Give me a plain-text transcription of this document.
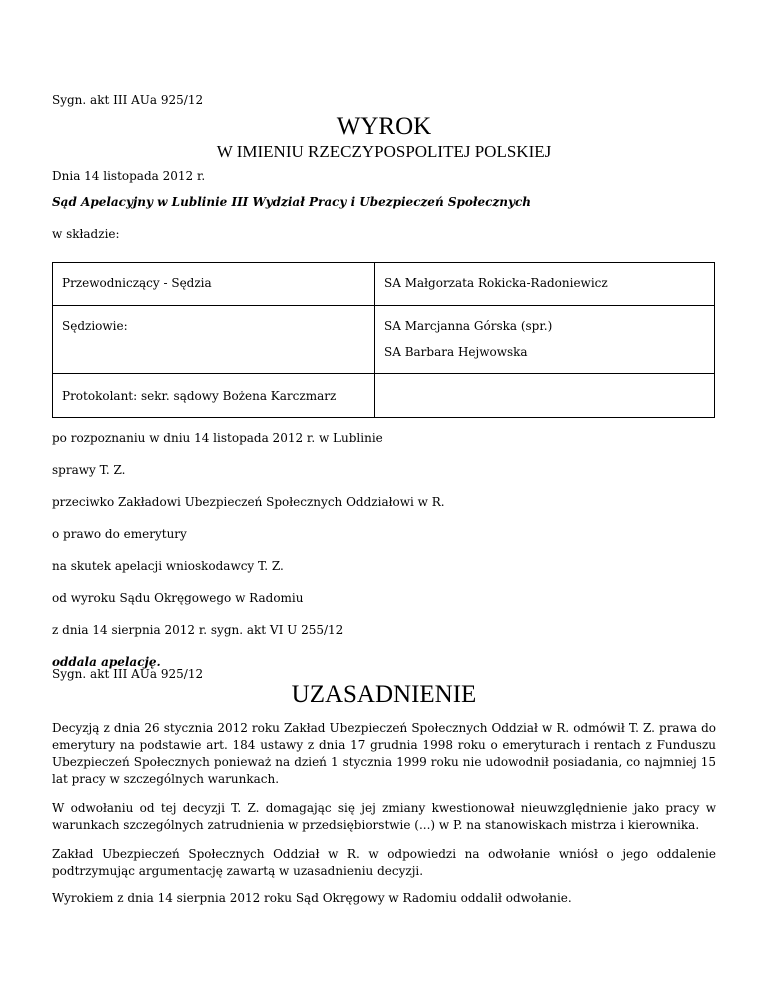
Sygn. akt III AUa 925/12

WYROK
W IMIENIU RZECZYPOSPOLITEJ POLSKIEJ

Dnia 14 listopada 2012 r.

Sąd Apelacyjny w Lublinie III Wydział Pracy i Ubezpieczeń Społecznych

w składzie:

Przewodniczący - Sędzia	SA Małgorzata Rokicka-Radoniewicz

Sędziowie:	SA Marcjanna Górska (spr.)
SA Barbara Hejwowska

Protokolant: sekr. sądowy Bożena Karczmarz	

po rozpoznaniu w dniu 14 listopada 2012 r. w Lublinie

sprawy T. Z.

przeciwko Zakładowi Ubezpieczeń Społecznych Oddziałowi w R.

o prawo do emerytury

na skutek apelacji wnioskodawcy T. Z.

od wyroku Sądu Okręgowego w Radomiu

z dnia 14 sierpnia 2012 r. sygn. akt VI U 255/12

oddala apelację.

Sygn. akt III AUa 925/12

UZASADNIENIE

Decyzją z dnia 26 stycznia 2012 roku Zakład Ubezpieczeń Społecznych Oddział w R. odmówił T. Z. prawa do emerytury na podstawie art. 184 ustawy z dnia 17 grudnia 1998 roku o emeryturach i rentach z Funduszu Ubezpieczeń Społecznych ponieważ na dzień 1 stycznia 1999 roku nie udowodnił posiadania, co najmniej 15 lat pracy w szczególnych warunkach.

W odwołaniu od tej decyzji T. Z. domagając się jej zmiany kwestionował nieuwzględnienie jako pracy w warunkach szczególnych zatrudnienia w przedsiębiorstwie (...) w P. na stanowiskach mistrza i kierownika.

Zakład Ubezpieczeń Społecznych Oddział w R. w odpowiedzi na odwołanie wniósł o jego oddalenie podtrzymując argumentację zawartą w uzasadnieniu decyzji.

Wyrokiem z dnia 14 sierpnia 2012 roku Sąd Okręgowy w Radomiu oddalił odwołanie.
